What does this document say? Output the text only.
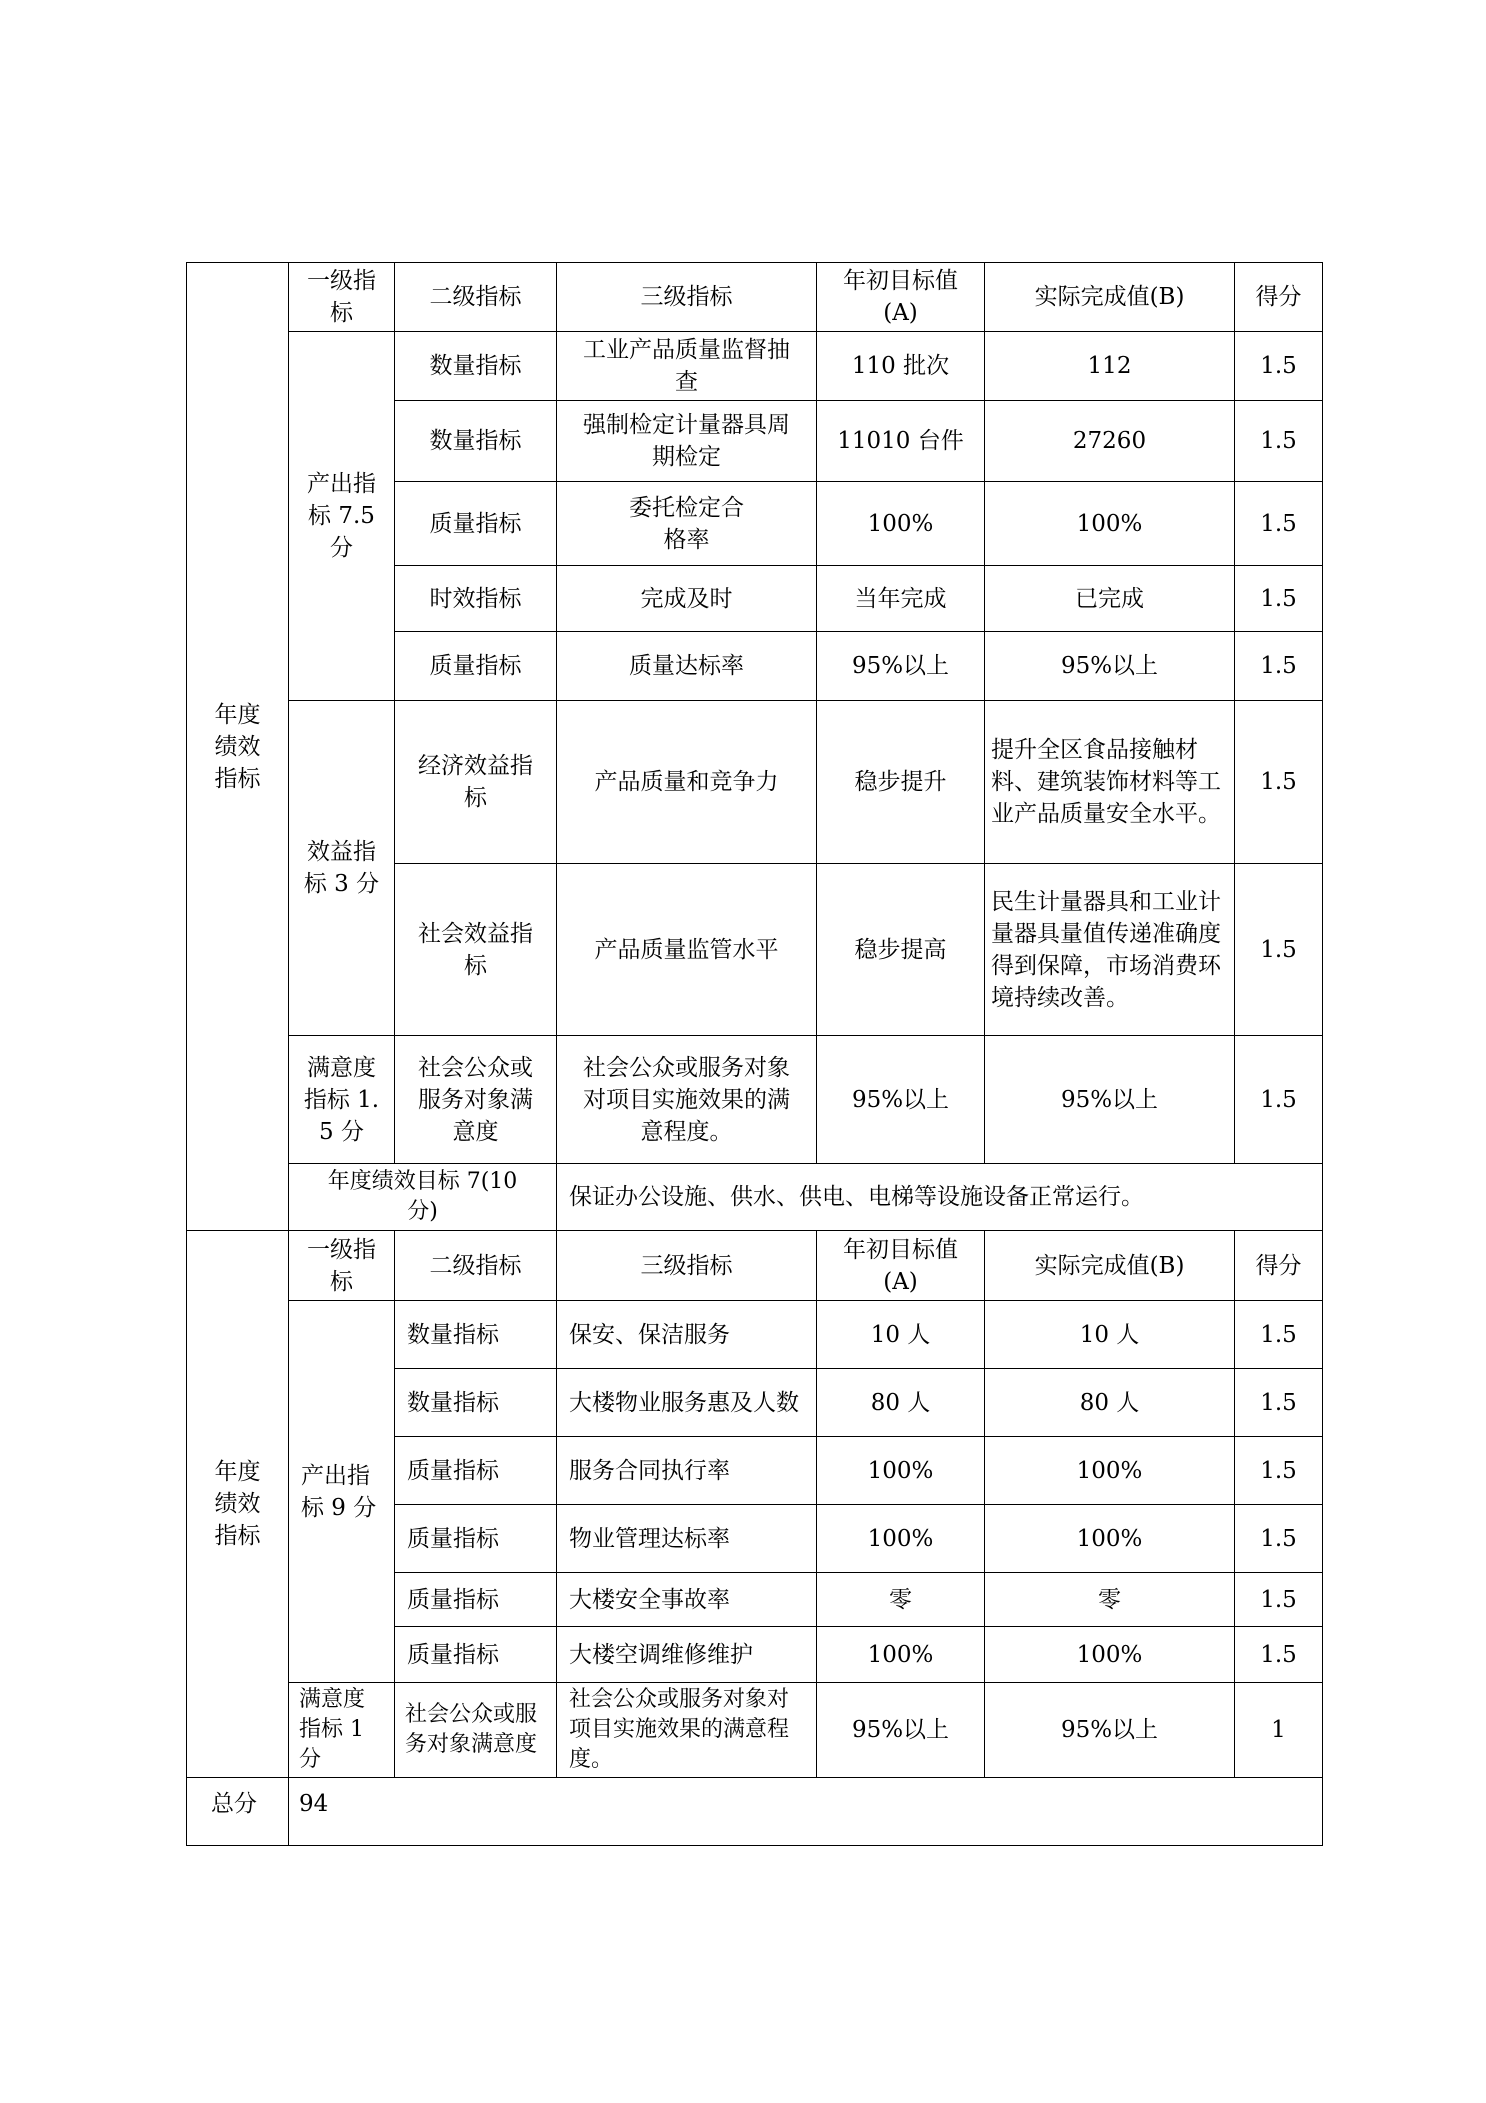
年度绩效指标	一级指标	二级指标	三级指标	年初目标值(A)	实际完成值(B)	得分
	产出指标 7.5 分	数量指标	工业产品质量监督抽查	110 批次	112	1.5
		数量指标	强制检定计量器具周期检定	11010 台件	27260	1.5
		质量指标	委托检定合格率	100%	100%	1.5
		时效指标	完成及时	当年完成	已完成	1.5
		质量指标	质量达标率	95%以上	95%以上	1.5
	效益指标 3 分	经济效益指标	产品质量和竞争力	稳步提升	提升全区食品接触材料、建筑装饰材料等工业产品质量安全水平。	1.5
		社会效益指标	产品质量监管水平	稳步提高	民生计量器具和工业计量器具量值传递准确度得到保障，市场消费环境持续改善。	1.5
	满意度指标 1.5 分	社会公众或服务对象满意度	社会公众或服务对象对项目实施效果的满意程度。	95%以上	95%以上	1.5
	年度绩效目标 7(10 分)		保证办公设施、供水、供电、电梯等设施设备正常运行。			
年度绩效指标	一级指标	二级指标	三级指标	年初目标值(A)	实际完成值(B)	得分
	产出指标 9 分	数量指标	保安、保洁服务	10 人	10 人	1.5
		数量指标	大楼物业服务惠及人数	80 人	80 人	1.5
		质量指标	服务合同执行率	100%	100%	1.5
		质量指标	物业管理达标率	100%	100%	1.5
		质量指标	大楼安全事故率	零	零	1.5
		质量指标	大楼空调维修维护	100%	100%	1.5
	满意度指标 1 分	社会公众或服务对象满意度	社会公众或服务对象对项目实施效果的满意程度。	95%以上	95%以上	1
总分	94					
